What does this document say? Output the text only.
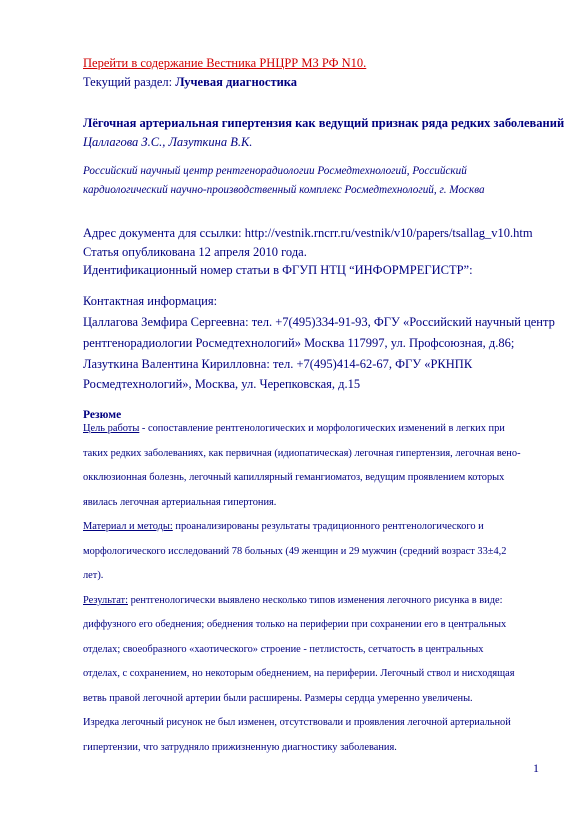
Перейти в содержание Вестника РНЦРР МЗ РФ N10.
Текущий раздел: Лучевая диагностика
Лёгочная артериальная гипертензия как ведущий признак ряда редких заболеваний
Цаллагова З.С., Лазуткина В.К.
Российский научный центр рентгенорадиологии Росмедтехнологий, Российский
кардиологический научно-производственный комплекс Росмедтехнологий, г. Москва
Адрес документа для ссылки: http://vestnik.rncrr.ru/vestnik/v10/papers/tsallag_v10.htm
Статья опубликована 12 апреля 2010 года.
Идентификационный номер статьи в ФГУП НТЦ “ИНФОРМРЕГИСТР”:
Контактная информация:
Цаллагова Земфира Сергеевна: тел. +7(495)334-91-93, ФГУ «Российский научный центр
рентгенорадиологии Росмедтехнологий» Москва 117997, ул. Профсоюзная, д.86;
Лазуткина Валентина Кирилловна: тел. +7(495)414-62-67, ФГУ «РКНПК
Росмедтехнологий», Москва, ул. Черепковская, д.15
Резюме
Цель работы - сопоставление рентгенологических и морфологических изменений в легких при
таких редких заболеваниях, как первичная (идиопатическая) легочная гипертензия, легочная вено-
окклюзионная болезнь, легочный капиллярный гемангиоматоз, ведущим проявлением которых
явилась легочная артериальная гипертония.
Материал и методы: проанализированы результаты традиционного рентгенологического и
морфологического исследований 78 больных (49 женщин и 29 мужчин (средний возраст 33±4,2
лет).
Результат: рентгенологически выявлено несколько типов изменения легочного рисунка в виде:
диффузного его обеднения; обеднения только на периферии при сохранении его в центральных
отделах; своеобразного «хаотического» строение - петлистость, сетчатость в центральных
отделах, с сохранением, но некоторым обеднением, на периферии. Легочный ствол и нисходящая
ветвь правой легочной артерии были расширены. Размеры сердца умеренно увеличены.
Изредка легочный рисунок не был изменен, отсутствовали и проявления легочной артериальной
гипертензии, что затрудняло прижизненную диагностику заболевания.
1
